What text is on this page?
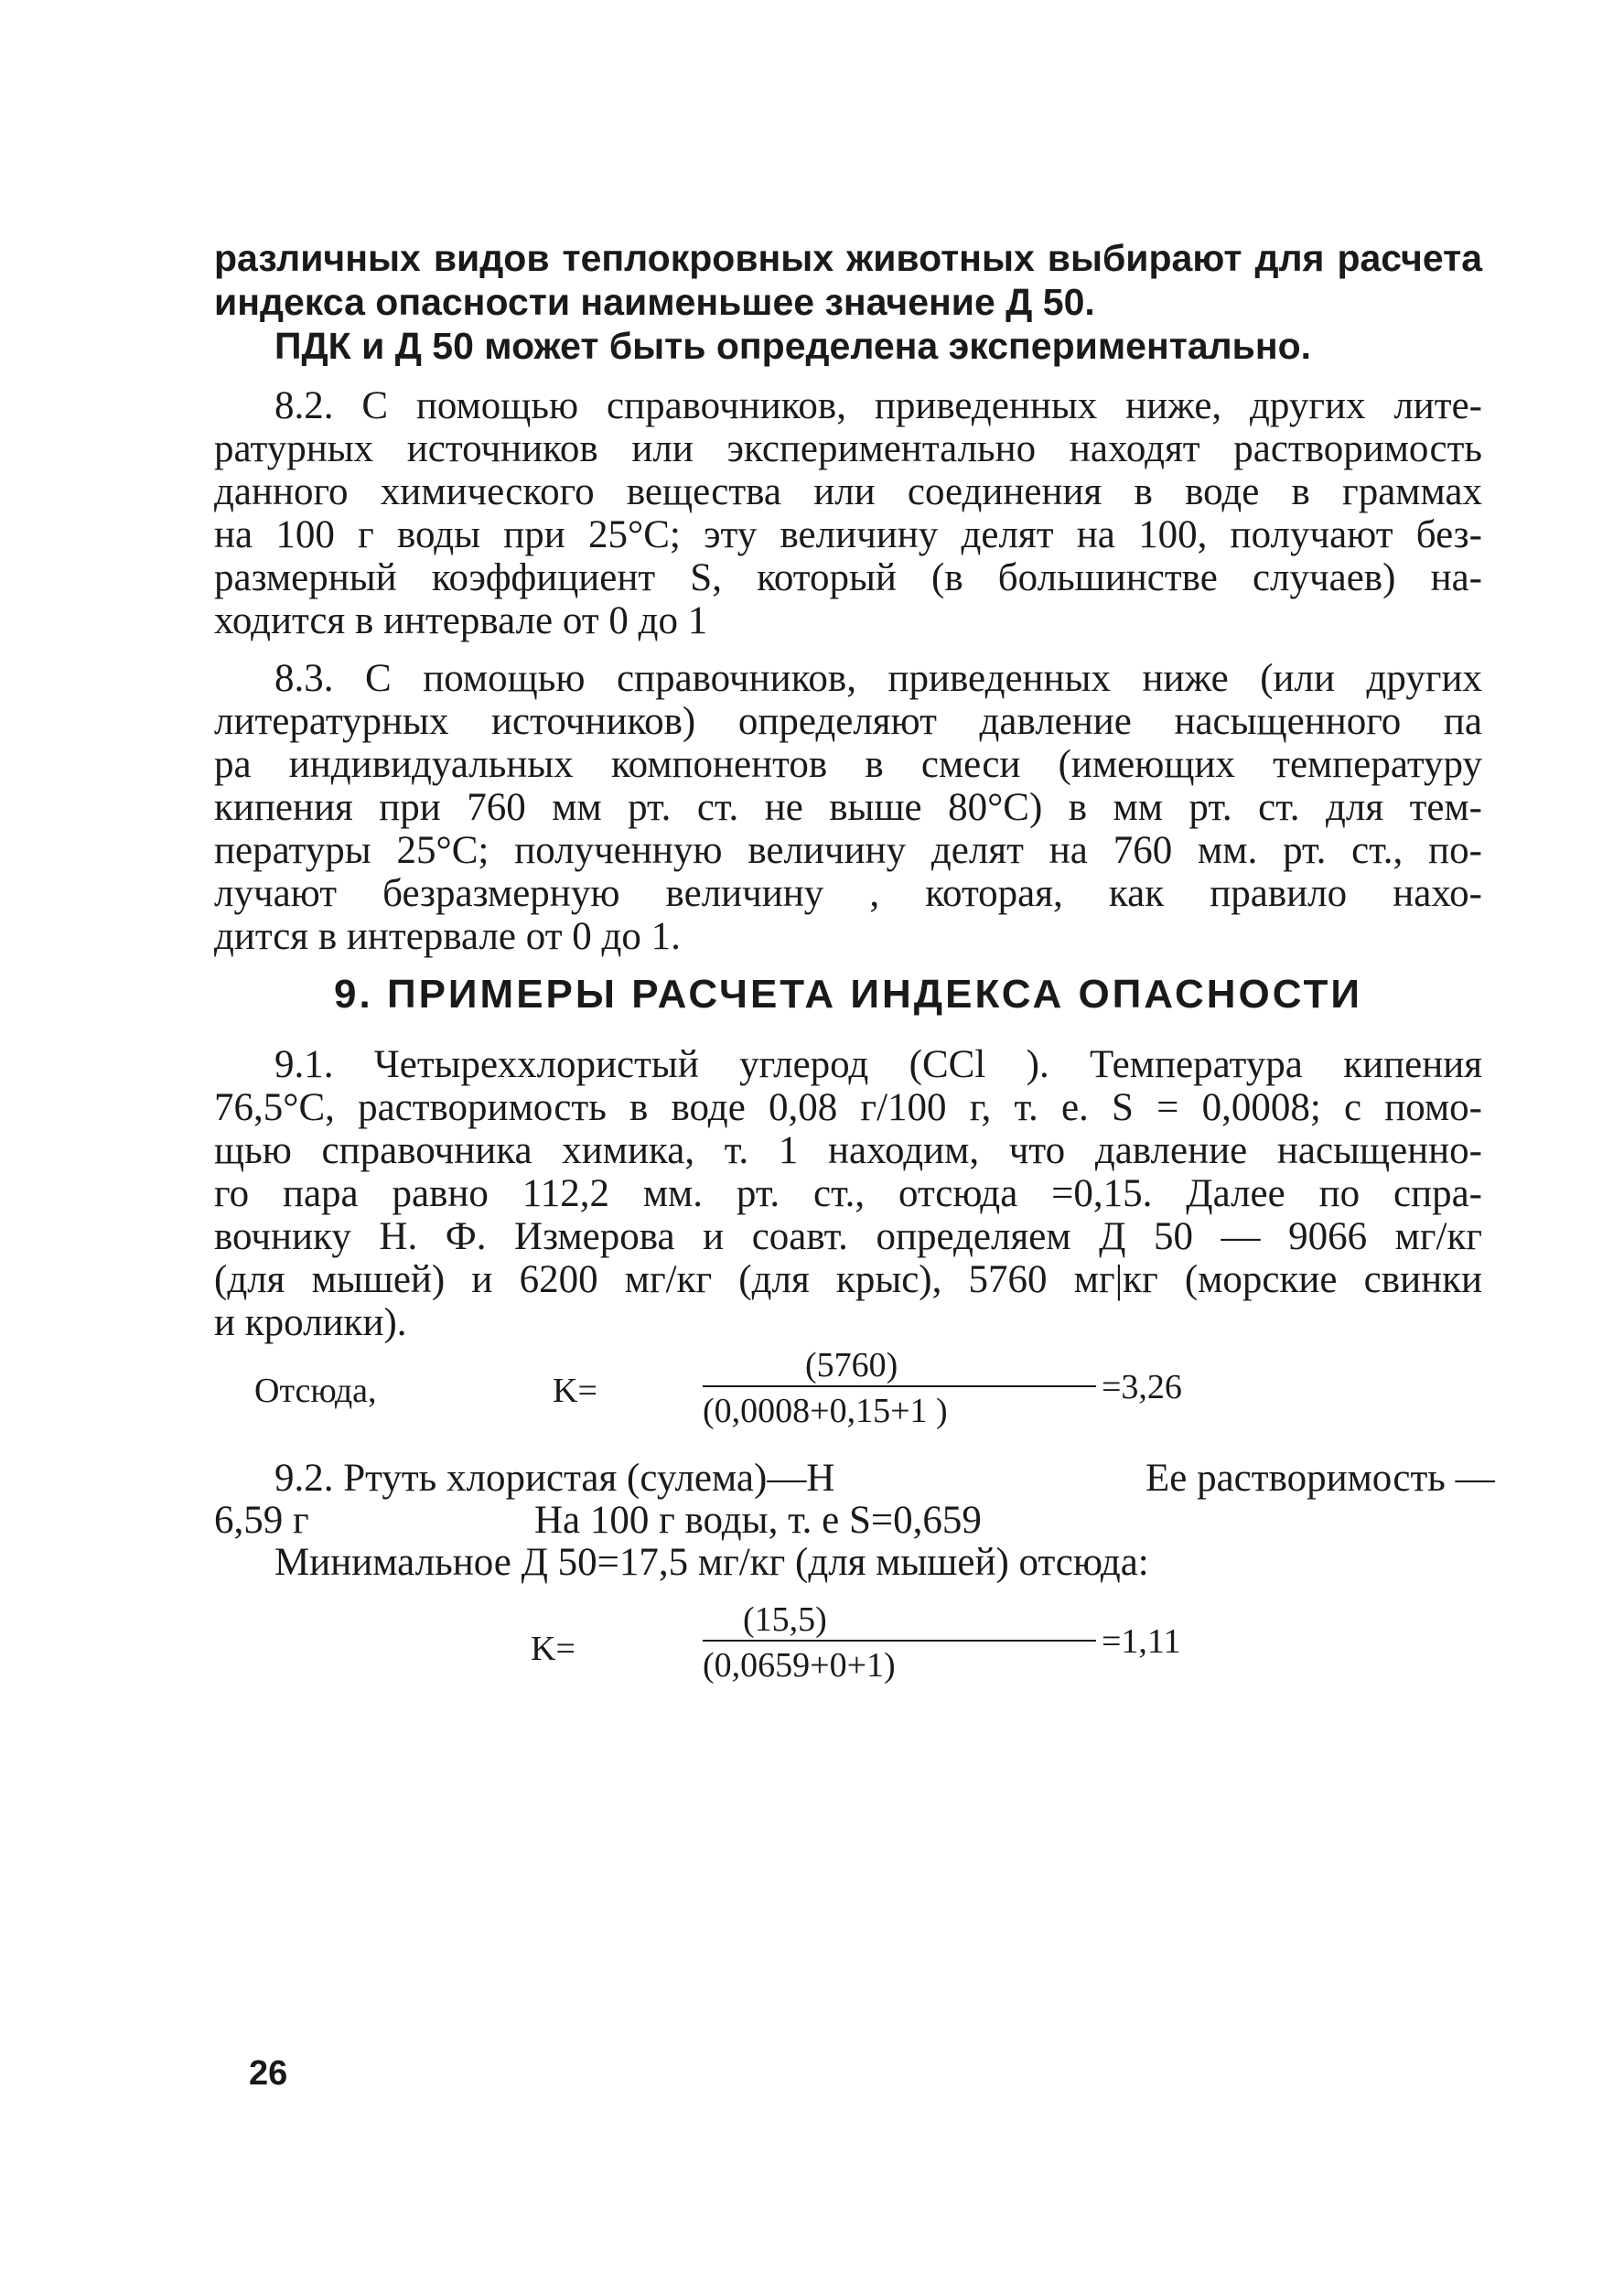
различных видов теплокровных животных выбирают для расчета
индекса опасности наименьшее значение Д 50.
ПДК и Д 50 может быть определена экспериментально.
8.2. С помощью справочников, приведенных ниже, других лите-
ратурных источников или экспериментально находят растворимость
данного химического вещества или соединения в воде в граммах
на 100 г воды при 25°С; эту величину делят на 100, получают без-
размерный коэффициент S, который (в большинстве случаев) на-
ходится в интервале от 0 до 1
8.3. С помощью справочников, приведенных ниже (или других
литературных источников) определяют давление насыщенного па
ра индивидуальных компонентов в смеси (имеющих температуру
кипения при 760 мм рт. ст. не выше 80°С) в мм рт. ст. для тем-
пературы 25°С; полученную величину делят на 760 мм. рт. ст., по-
лучают безразмерную величину , которая, как правило нахо-
дится в интервале от 0 до 1.
9. ПРИМЕРЫ РАСЧЕТА ИНДЕКСА ОПАСНОСТИ
9.1. Четыреххлористый углерод (CCl ). Температура кипения
76,5°С, растворимость в воде 0,08 г/100 г, т. е. S = 0,0008; с помо-
щью справочника химика, т. 1 находим, что давление насыщенно-
го пара равно 112,2 мм. рт. ст., отсюда =0,15. Далее по спра-
вочнику Н. Ф. Измерова и соавт. определяем Д 50 — 9066 мг/кг
(для мышей) и 6200 мг/кг (для крыс), 5760 мг|кг (морские свинки
и кролики).
Отсюда,	K=
(5760)
(0,0008+0,15+1 )
=3,26
9.2. Ртуть хлористая (сулема)—H	Ее растворимость —
6,59 г	На 100 г воды, т. е S=0,659
Минимальное Д 50=17,5 мг/кг (для мышей) отсюда:
K=
(15,5)
(0,0659+0+1)
=1,11
26
